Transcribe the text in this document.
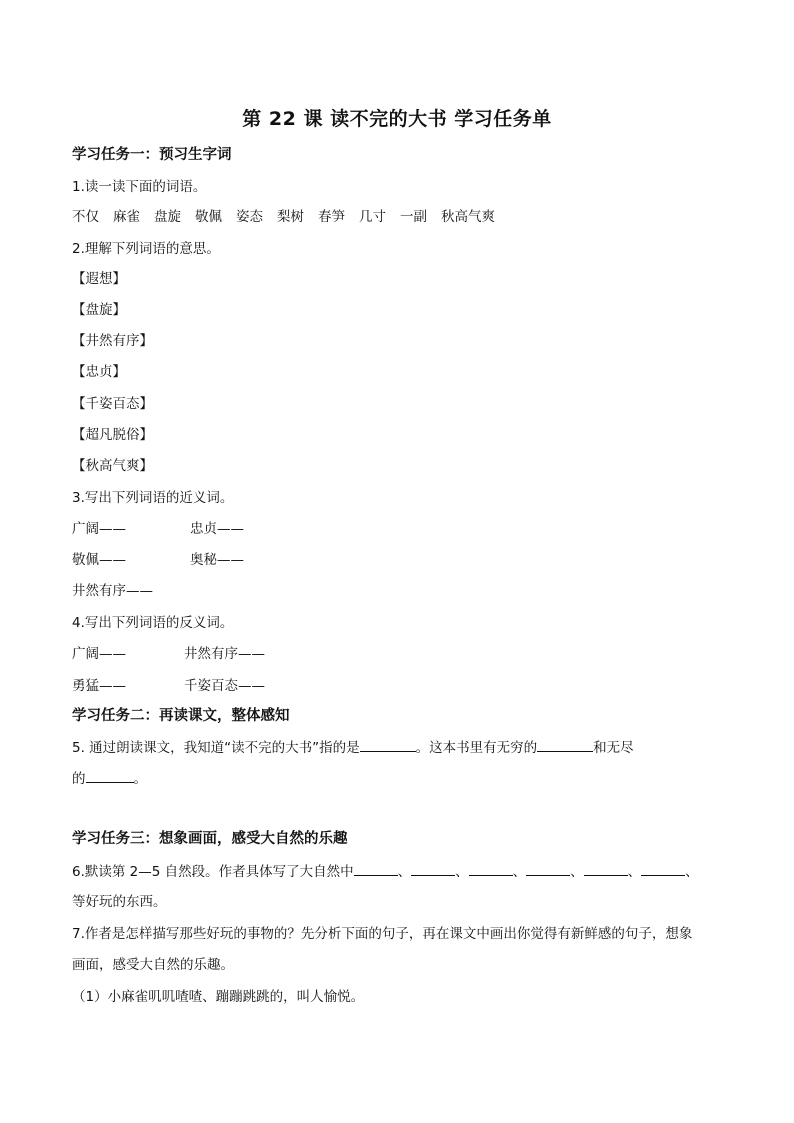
第 22 课 读不完的大书 学习任务单
学习任务一：预习生字词
1.读一读下面的词语。
不仅 麻雀 盘旋 敬佩 姿态 梨树 春笋 几寸 一副 秋高气爽
2.理解下列词语的意思。
【遐想】
【盘旋】
【井然有序】
【忠贞】
【千姿百态】
【超凡脱俗】
【秋高气爽】
3.写出下列词语的近义词。
广阔——	忠贞——
敬佩——	奥秘——
井然有序——
4.写出下列词语的反义词。
广阔——	井然有序——
勇猛——	千姿百态——
学习任务二：再读课文，整体感知
5. 通过朗读课文，我知道“读不完的大书”指的是	。这本书里有无穷的	和无尽
的	。
学习任务三：想象画面，感受大自然的乐趣
6.默读第 2—5 自然段。作者具体写了大自然中	、	、	、	、	、	、
等好玩的东西。
7.作者是怎样描写那些好玩的事物的？先分析下面的句子，再在课文中画出你觉得有新鲜感的句子，想象
画面，感受大自然的乐趣。
（1）小麻雀叽叽喳喳、蹦蹦跳跳的，叫人愉悦。
